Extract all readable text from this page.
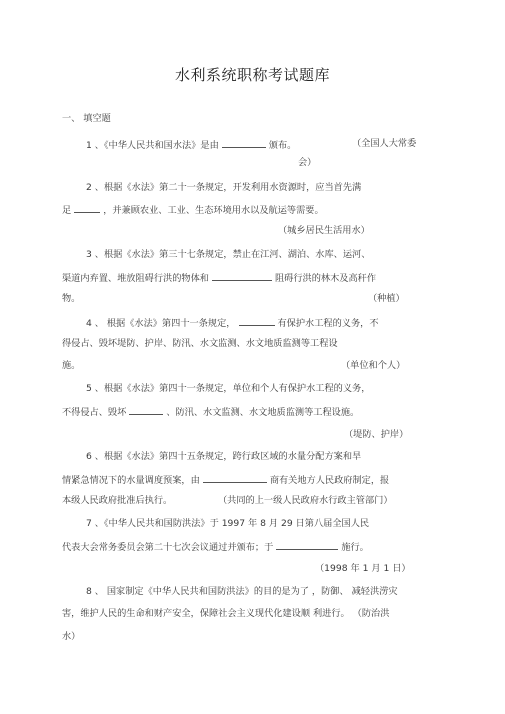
水利系统职称考试题库
一、 填空题
1 、《中华人民共和国水法》是由	颁布。	（全国人大常委
会）
2 、根据《水法》第二十一条规定，开发利用水资源时，应当首先满
足	，并兼顾农业、工业、生态环境用水以及航运等需要。
（城乡居民生活用水）
3 、根据《水法》第三十七条规定，禁止在江河、湖泊、水库、运河、
渠道内弃置、堆放阻碍行洪的物体和	阻碍行洪的林木及高秆作
物。	（种植）
4 、 根据《水法》第四十一条规定，	有保护水工程的义务，不
得侵占、毁坏堤防、护岸、防汛、水文监测、水文地质监测等工程设
施。	（单位和个人）
5 、根据《水法》第四十一条规定，单位和个人有保护水工程的义务，
不得侵占、毁坏	、防汛、水文监测、水文地质监测等工程设施。
（堤防、护岸）
6 、根据《水法》第四十五条规定，跨行政区域的水量分配方案和旱
情紧急情况下的水量调度预案，由	商有关地方人民政府制定，报
本级人民政府批准后执行。	（共同的上一级人民政府水行政主管部门）
7 、《中华人民共和国防洪法》于 1997 年 8 月 29 日第八届全国人民
代表大会常务委员会第二十七次会议通过并颁布；于	施行。
（1998 年 1 月 1 日）
8 、 国家制定《中华人民共和国防洪法》的目的是为了 ，防御、 减轻洪涝灾
害，维护人民的生命和财产安全，保障社会主义现代化建设顺 利进行。 （防治洪
水）
